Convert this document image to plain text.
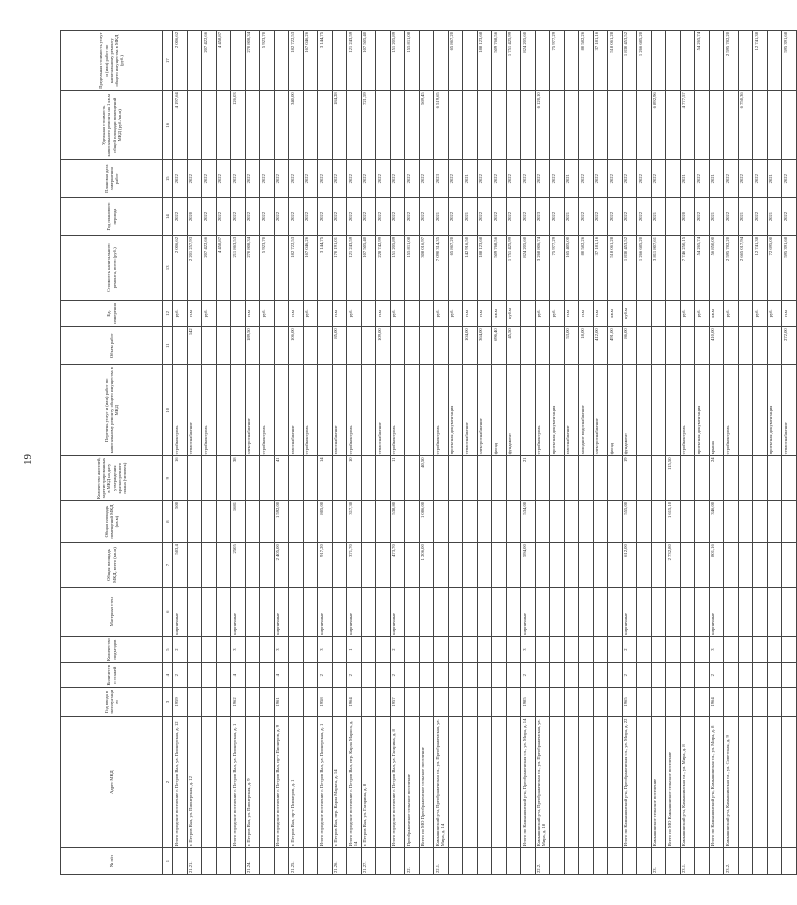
19
№ п/п	Адрес МКД	Год ввода в эксплуатацию	Количество этажей	Количество подъездов	Материал стен	Общая площадь МКД, всего (кв.м)	Общая площадь помещений МКД (кв.м)	Количество жителей, зарегистрированных в МКД на дату утверждения краткосрочного плана (человек)	Перечень услуг и (или) работ по капитальному ремонту общего имущества в МКД	Объем работ	Ед. измерения	Стоимость капитального ремонта, всего (руб.)	Год планового периода	Плановая дата завершения работ	Удельная стоимость капитального ремонта на 1 кв.м общей площади помещений МКД (руб./кв.м)	Предельная стоимость услуг и (или) работ по капитальному ремонту общего имущества в МКД (руб.)
1	2	3	4	5	6	7	8	9	10	11	12	13	14	15	16	17
	Итого городское поселение г. Петров Вал, ул. Пионерская, д. 12	1959	2	2	кирпичные	503,4	500	16	стройконтроль		руб.	2 006,62	2022	2022	4 197,64	2 006,62
21.21.	г. Петров Вал, ул. Пионерская, д. 12								теплоснабжение	142	п.м	2 201 257,93	2020	2022		
									стройконтроль		руб.	207 422,66	2022	2022		207 422,66
												4 458,87	2022	2022		4 458,87
	Итого городское поселение г. Петров Вал, ул. Пионерская, д. 1	1962	4	3	кирпичные	2505	1681	38				211 863,53	2022	2022	126,03	
21.24.	г. Петров Вал, ул. Пионерская, д. 9								электроснабжение	189,50	п.м	270 808,34	2022	2022		270 808,34
									стройконтроль		руб.	5 923,70	2022	2022		5 923,70
	Итого городское поселение г. Петров Вал, пр-т Пионеров, д. 9	1961	4	3	кирпичные	2 405,00	1 592,00	41					2022	2022		
21.25.	г. Петров Вал, пр-т Пионеров, д. 1								газоснабжение	106,00	п.м	182 722,53	2022	2022	340,00	182 722,53
									стройконтроль		руб.	167 046,26	2022	2022		167 046,26
	Итого городское поселение г. Петров Вал, ул. Пионерская, д. 1	1958	2	3	кирпичные	917,20	805,00	14				3 144,75	2022	2022		3 144,75
21.26.	г. Петров Вал, пер. Карла Маркса, д. 14								газоснабжение	85,00	п.м	170 191,01	2022	2022	184,28	
	Итого городское поселение г. Петров Вал, пер. Карла Маркса, д. 14	1964	2	1	кирпичные	371,70	317,30	10	стройконтроль		руб.	121 243,59	2022	2022		121 243,59
21.27.	г. Петров Вал, ул. Гагарина, д. 8											107 505,40	2022	2022	721,59	107 505,40
									теплоснабжение	109,00	п.м	228 742,99	2022	2022		
	Итого городское поселение г. Петров Вал, ул. Гагарина, д. 8	1957	2	2	кирпичные	473,70	538,80	11	стройконтроль		руб.	151 205,89	2022	2022		151 205,89
22.	Преображенское сельское поселение											155 811,08	2022	2022		155 811,08
	Всего по МО Преображенское сельское поселение					1 206,00	1 086,00	40,50				308 016,97	2022	2022	569,45	
22.1.	Камышинский р-н, Преображенская сл., ул. Преображенская, ул. Мира, д. 14								стройконтроль		руб.	7 090 314,35	2021	2023	6 519,65	
									проектная документация		руб.	65 867,20	2022	2022		65 867,20
									теплоснабжение	104,00	п.м	142 916,50	2021	2021		
									электроснабжение	364,00	п.м	188 123,68	2022	2022		188 123,68
									фасад	696,40	кв.м	509 768,56	2022	2022		509 768,56
									фундамент	45,50	куб.м	1 751 425,99	2022	2022		1 751 425,99
	Итого по Камышинский р-н, Преображенская сл., ул. Мира, д. 14	1985	2	3	кирпичные	594,00	534,00	21				824 205,60	2022	2022		824 205,60
22.2.	Камышинский р-н, Преображенская сл., ул. Преображенская, ул. Мира, д. 18								стройконтроль		руб.	3 268 806,74	2023	2022	6 120,10	
									проектная документация		руб.	75 977,29	2022	2022		75 977,29
									газоснабжение	53,00	п.м	165 405,00	2021	2021		
									холодное водоснабжение	18,00	п.м	80 582,26	2022	2022		80 582,26
									электроснабжение	412,00	п.м	37 181,16	2022	2022		37 181,16
									фасад	491,00	кв.м	518 061,28	2022	2022		518 061,28
	Итого по Камышинский р-н, Преображенская сл., ул. Мира, д. 22	1965	2	2	кирпичные	612,00	555,00	19	фундамент	86,00	куб.м	1 830 453,52	2022	2022		1 830 453,52
												1 266 685,20	2022	2022		1 266 685,20
23.	Камышинское сельское поселение											3 811 807,61	2021	2022	6 892,96	
	Всего по МО Камышинское сельское поселение					2 732,80	1 615,10	115,50								
23.1.	Камышинский р-н, Камышинская сл., ул. Мира, д. 8								стройконтроль		руб.	7 746 250,15	2020	2021	4 777,57	
									проектная документация		руб.	54 265,74	2022	2022		54 265,74
	Итого по Камышинский р-н, Камышинская сл., ул. Мира, д. 8	1964	2	3	кирпичные	801,16	346,00	24	крыша	410,00	кв.м	56 850,00	2021	2021		
23.2.	Камышинский р-н, Камышинская сл., ул. Советская, д. 9								стройконтроль		руб.	2 595 782,20	2022	2022		2 595 782,20
												2 665 017,94	2021	2022	6 750,36	
											руб.	12 741,38	2022	2022		12 741,38
									проектная документация		руб.	72 695,00	2021	2021		
									теплоснабжение	272,00	п.м	595 391,68	2022	2022		595 391,68
